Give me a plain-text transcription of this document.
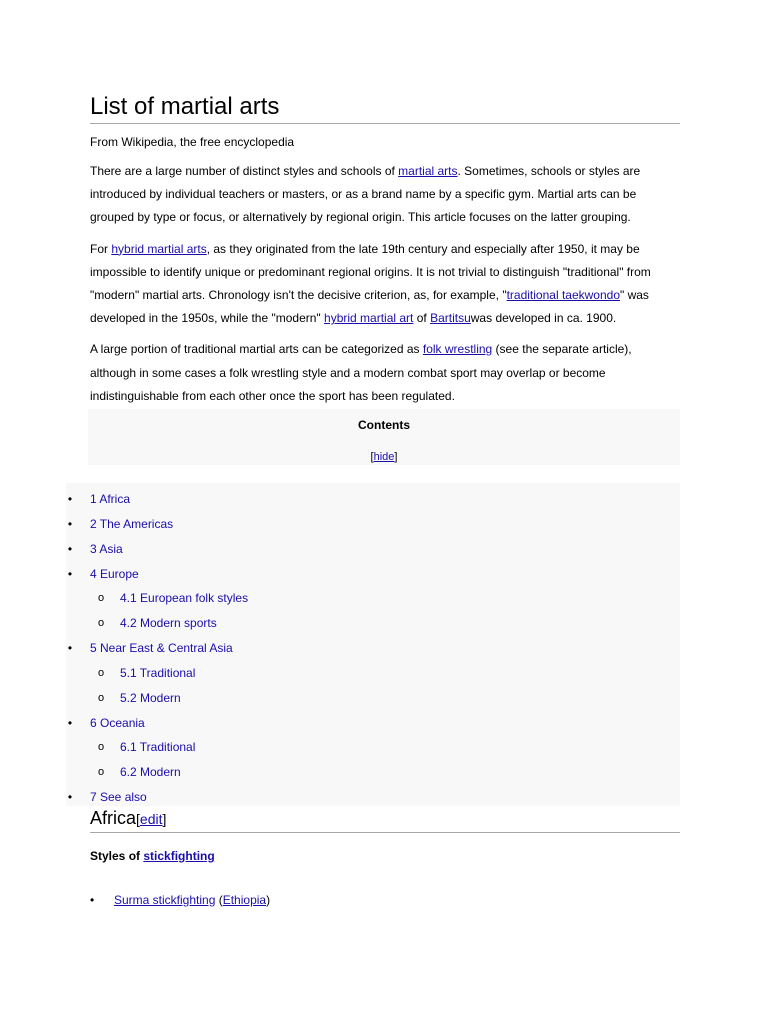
List of martial arts
From Wikipedia, the free encyclopedia

There are a large number of distinct styles and schools of martial arts. Sometimes, schools or styles are introduced by individual teachers or masters, or as a brand name by a specific gym. Martial arts can be grouped by type or focus, or alternatively by regional origin. This article focuses on the latter grouping.

For hybrid martial arts, as they originated from the late 19th century and especially after 1950, it may be impossible to identify unique or predominant regional origins. It is not trivial to distinguish "traditional" from "modern" martial arts. Chronology isn't the decisive criterion, as, for example, "traditional taekwondo" was developed in the 1950s, while the "modern" hybrid martial art of Bartitsuwas developed in ca. 1900.

A large portion of traditional martial arts can be categorized as folk wrestling (see the separate article), although in some cases a folk wrestling style and a modern combat sport may overlap or become indistinguishable from each other once the sport has been regulated.

Contents
[hide]
• 1 Africa
• 2 The Americas
• 3 Asia
• 4 Europe
o 4.1 European folk styles
o 4.2 Modern sports
• 5 Near East & Central Asia
o 5.1 Traditional
o 5.2 Modern
• 6 Oceania
o 6.1 Traditional
o 6.2 Modern
• 7 See also
Africa[edit]
Styles of stickfighting
• Surma stickfighting (Ethiopia)
